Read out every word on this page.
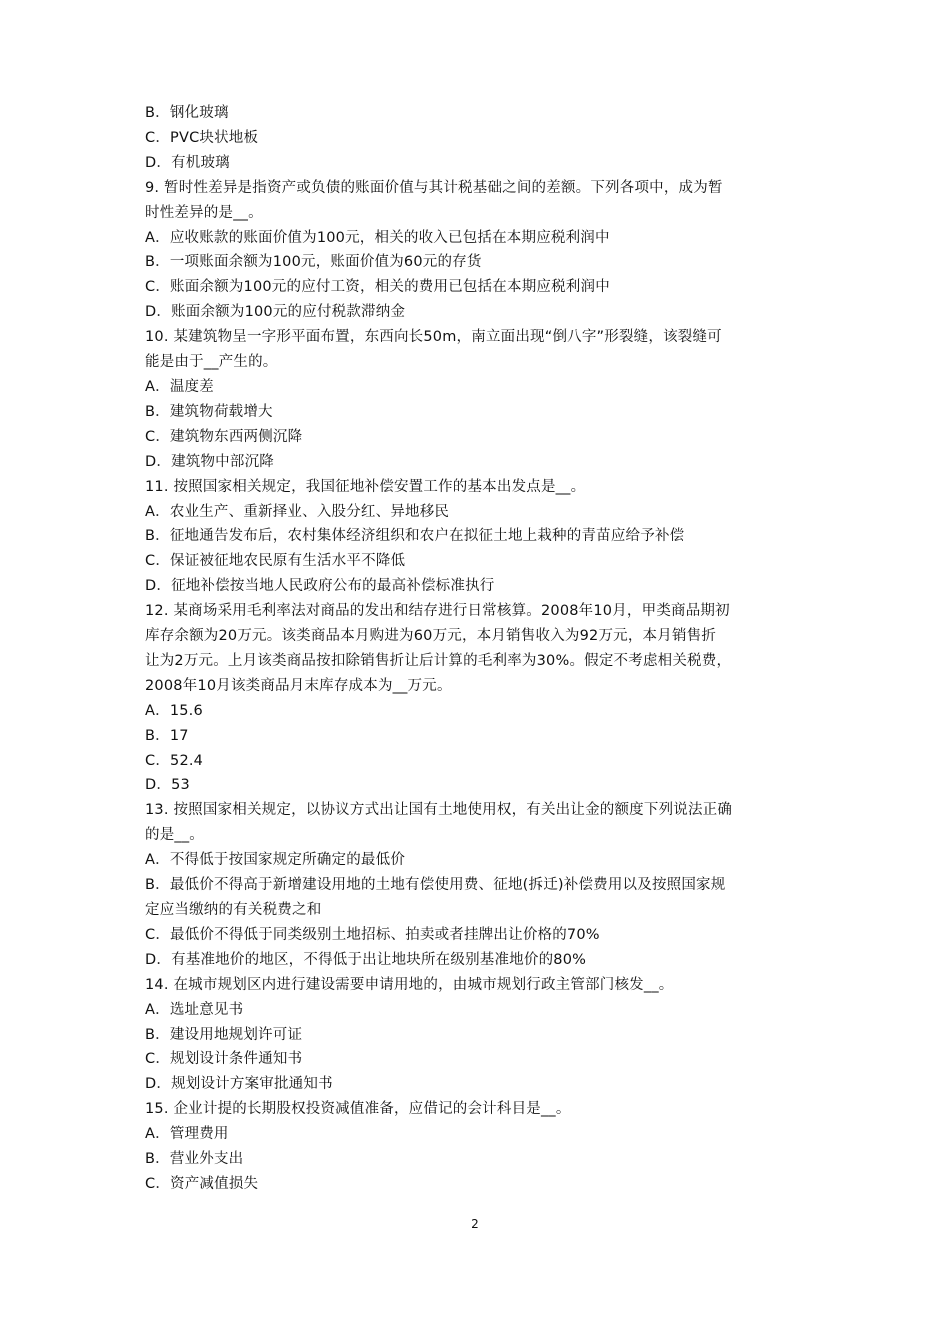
B．钢化玻璃
C．PVC块状地板
D．有机玻璃
9. 暂时性差异是指资产或负债的账面价值与其计税基础之间的差额。下列各项中，成为暂
时性差异的是__。
A．应收账款的账面价值为100元，相关的收入已包括在本期应税利润中
B．一项账面余额为100元，账面价值为60元的存货
C．账面余额为100元的应付工资，相关的费用已包括在本期应税利润中
D．账面余额为100元的应付税款滞纳金
10. 某建筑物呈一字形平面布置，东西向长50m，南立面出现“倒八字”形裂缝，该裂缝可
能是由于__产生的。
A．温度差
B．建筑物荷载增大
C．建筑物东西两侧沉降
D．建筑物中部沉降
11. 按照国家相关规定，我国征地补偿安置工作的基本出发点是__。
A．农业生产、重新择业、入股分红、异地移民
B．征地通告发布后，农村集体经济组织和农户在拟征土地上栽种的青苗应给予补偿
C．保证被征地农民原有生活水平不降低
D．征地补偿按当地人民政府公布的最高补偿标准执行
12. 某商场采用毛利率法对商品的发出和结存进行日常核算。2008年10月，甲类商品期初
库存余额为20万元。该类商品本月购进为60万元，本月销售收入为92万元，本月销售折
让为2万元。上月该类商品按扣除销售折让后计算的毛利率为30%。假定不考虑相关税费，
2008年10月该类商品月末库存成本为__万元。
A．15.6
B．17
C．52.4
D．53
13. 按照国家相关规定，以协议方式出让国有土地使用权，有关出让金的额度下列说法正确
的是__。
A．不得低于按国家规定所确定的最低价
B．最低价不得高于新增建设用地的土地有偿使用费、征地(拆迁)补偿费用以及按照国家规
定应当缴纳的有关税费之和
C．最低价不得低于同类级别土地招标、拍卖或者挂牌出让价格的70%
D．有基准地价的地区，不得低于出让地块所在级别基准地价的80%
14. 在城市规划区内进行建设需要申请用地的，由城市规划行政主管部门核发__。
A．选址意见书
B．建设用地规划许可证
C．规划设计条件通知书
D．规划设计方案审批通知书
15. 企业计提的长期股权投资减值准备，应借记的会计科目是__。
A．管理费用
B．营业外支出
C．资产减值损失
2
